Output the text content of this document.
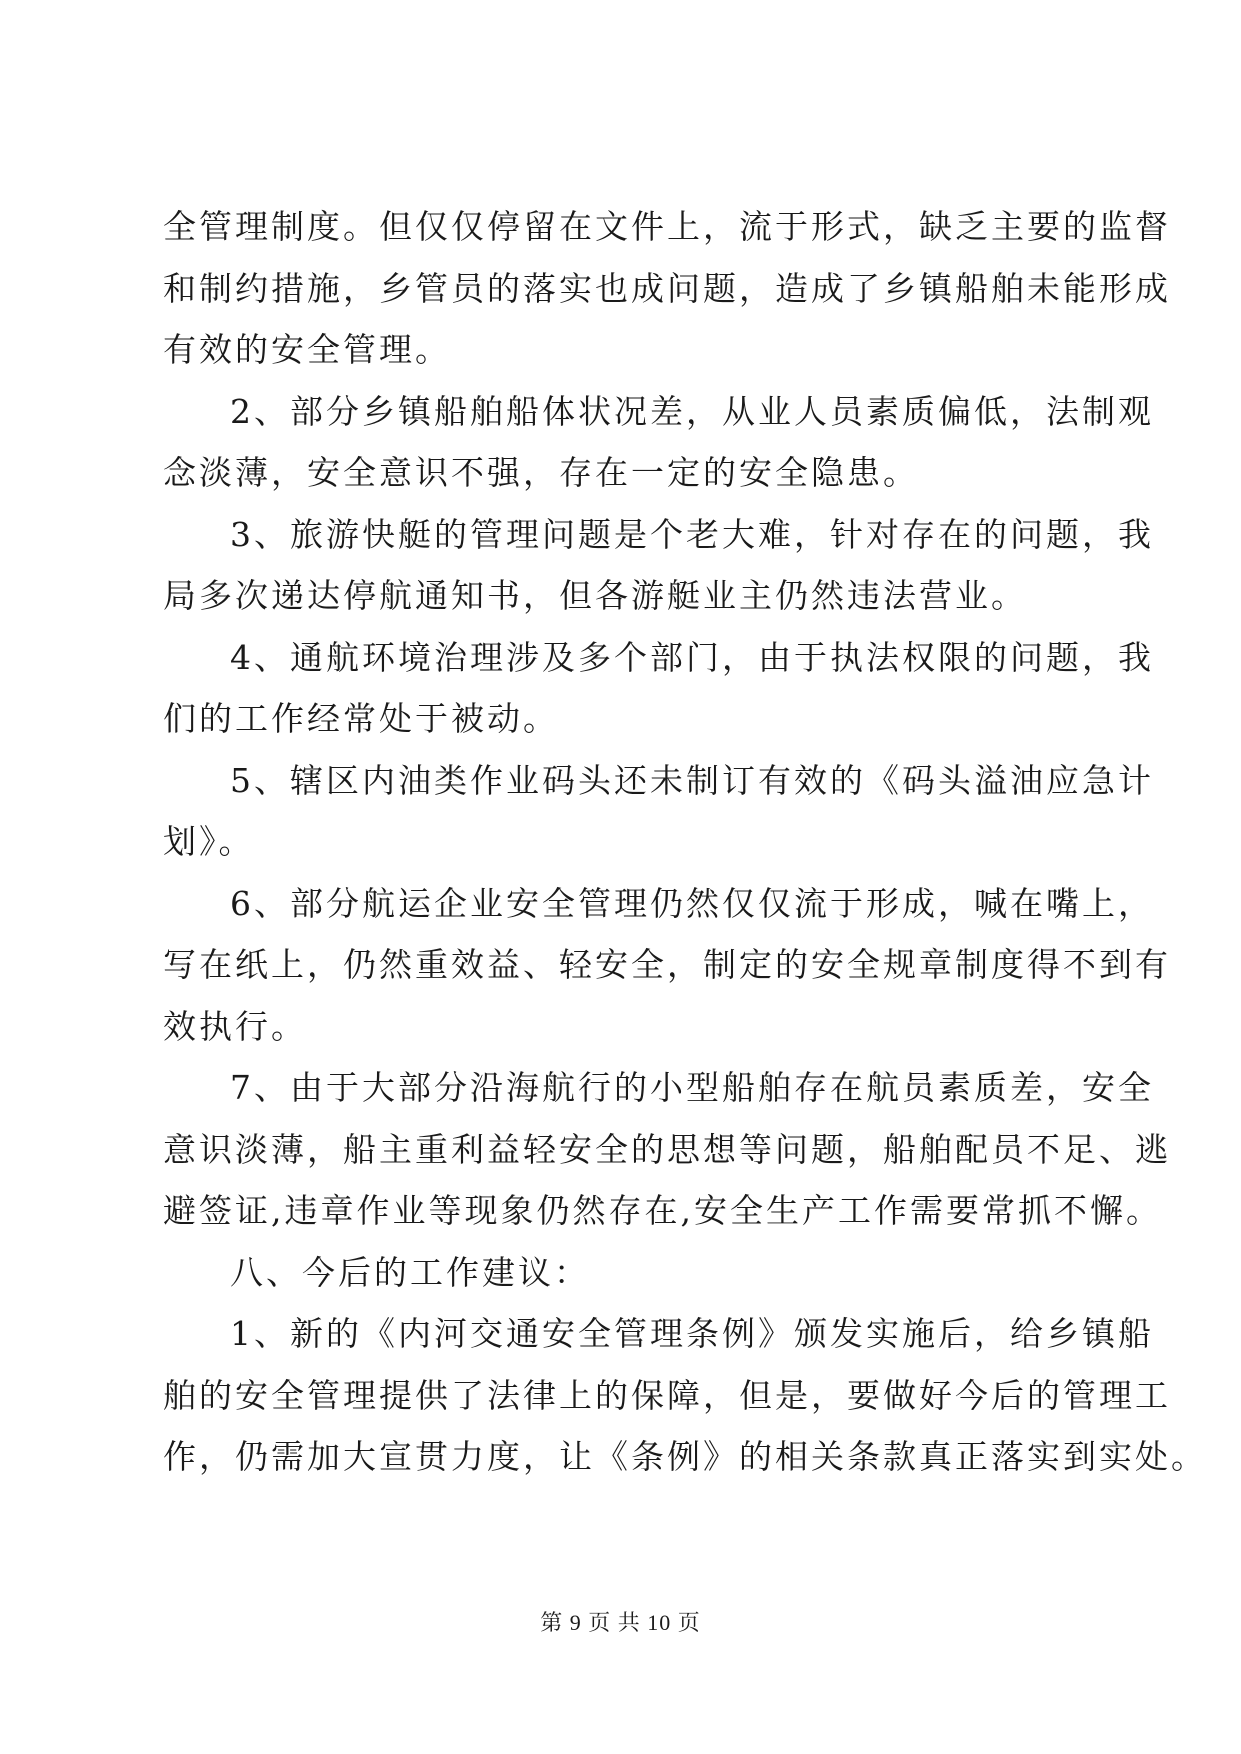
全管理制度。但仅仅停留在文件上，流于形式，缺乏主要的监督
和制约措施，乡管员的落实也成问题，造成了乡镇船舶未能形成
有效的安全管理。
2、部分乡镇船舶船体状况差，从业人员素质偏低，法制观
念淡薄，安全意识不强，存在一定的安全隐患。
3、旅游快艇的管理问题是个老大难，针对存在的问题，我
局多次递达停航通知书，但各游艇业主仍然违法营业。
4、通航环境治理涉及多个部门，由于执法权限的问题，我
们的工作经常处于被动。
5、辖区内油类作业码头还未制订有效的《码头溢油应急计
划》。
6、部分航运企业安全管理仍然仅仅流于形成，喊在嘴上，
写在纸上，仍然重效益、轻安全，制定的安全规章制度得不到有
效执行。
7、由于大部分沿海航行的小型船舶存在航员素质差，安全
意识淡薄，船主重利益轻安全的思想等问题，船舶配员不足、逃
避签证,违章作业等现象仍然存在,安全生产工作需要常抓不懈。
八、今后的工作建议：
1、新的《内河交通安全管理条例》颁发实施后，给乡镇船
舶的安全管理提供了法律上的保障，但是，要做好今后的管理工
作，仍需加大宣贯力度，让《条例》的相关条款真正落实到实处。
第 9 页 共 10 页
